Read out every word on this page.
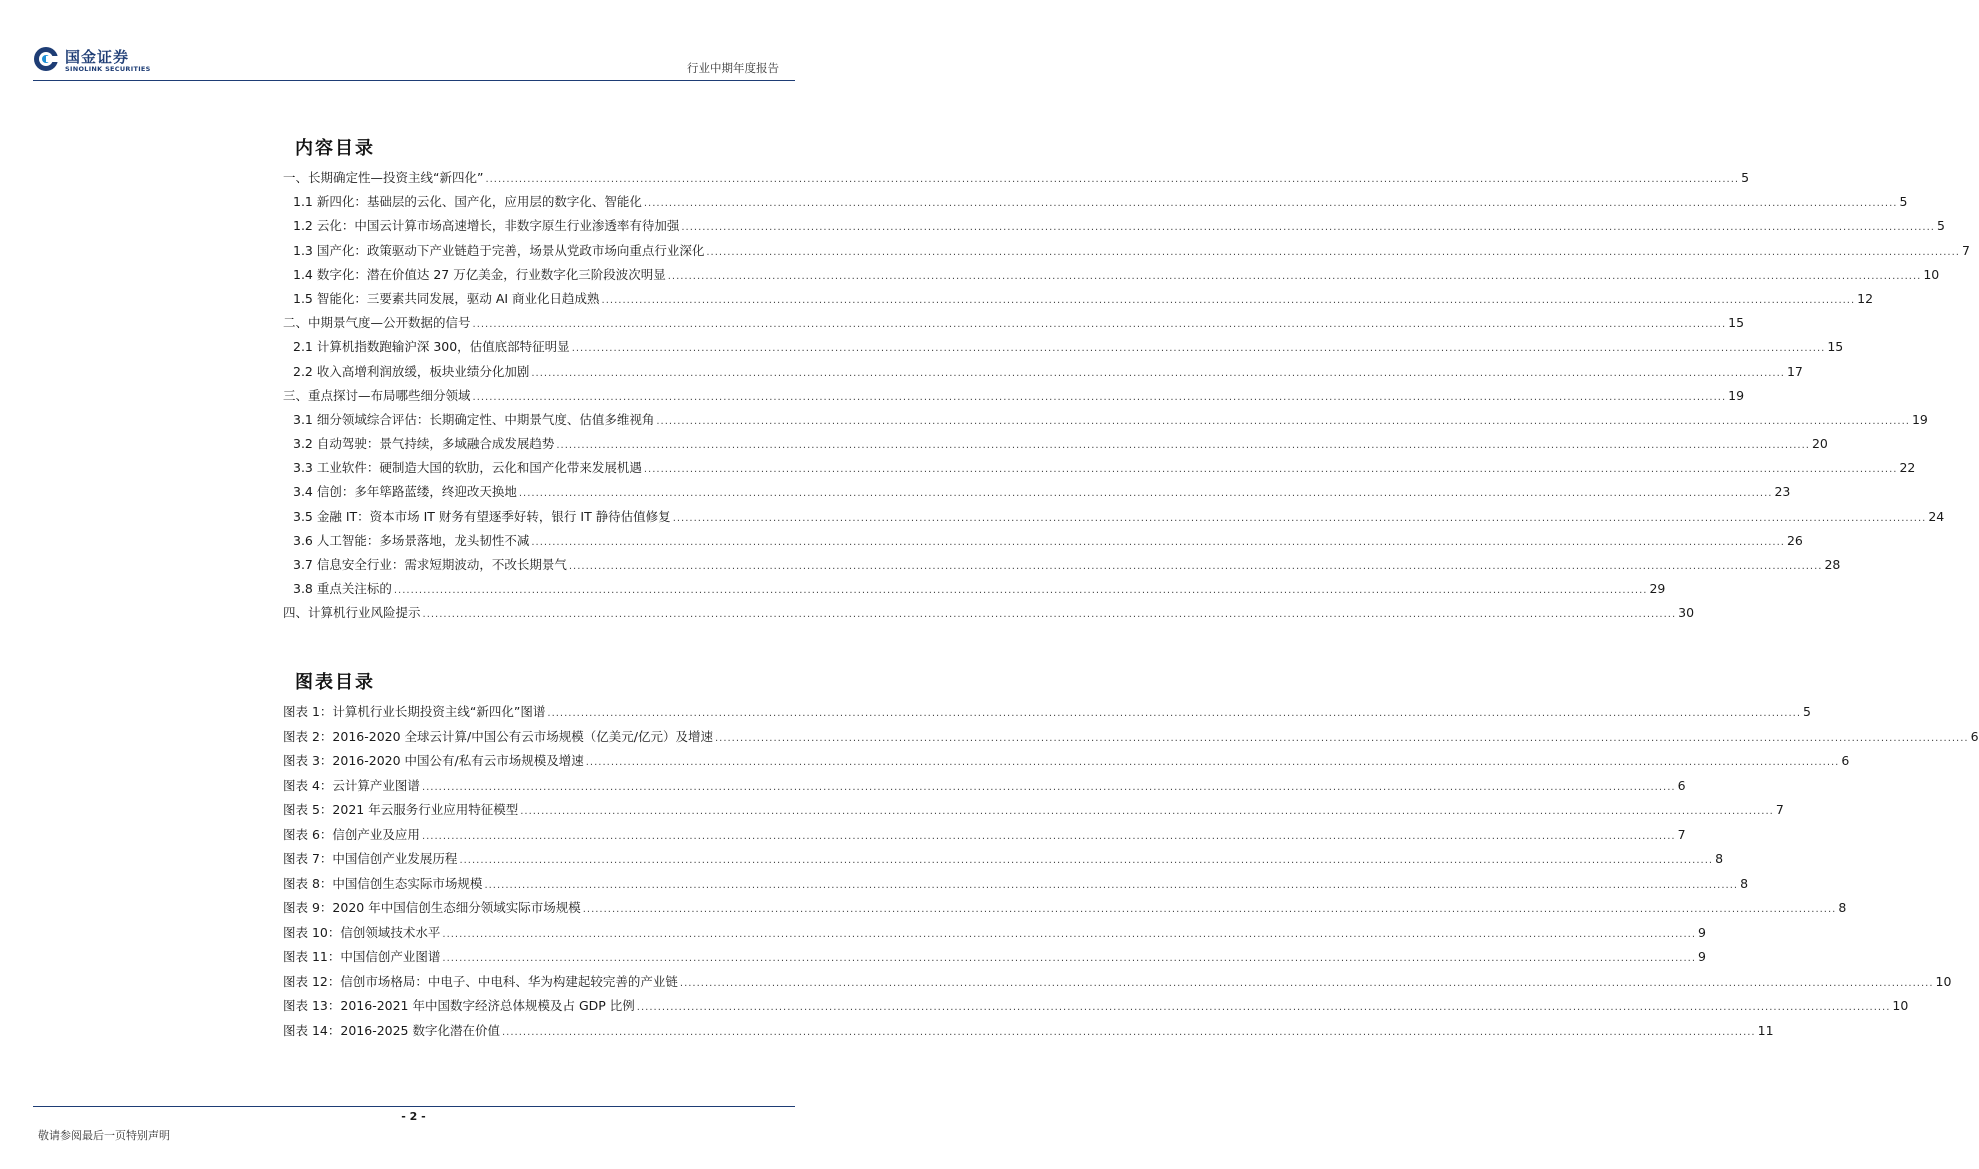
国金证券
SINOLINK SECURITIES	行业中期年度报告
内容目录
一、长期确定性—投资主线“新四化” ............................................................................................................................................................................................................................................................................................................ 5
1.1 新四化：基础层的云化、国产化，应用层的数字化、智能化 ............................................................................................................................................................................................................................................................................................................ 5
1.2 云化：中国云计算市场高速增长，非数字原生行业渗透率有待加强 ............................................................................................................................................................................................................................................................................................................ 5
1.3 国产化：政策驱动下产业链趋于完善，场景从党政市场向重点行业深化 ............................................................................................................................................................................................................................................................................................................ 7
1.4 数字化：潜在价值达 27 万亿美金，行业数字化三阶段波次明显 ............................................................................................................................................................................................................................................................................................................ 10
1.5 智能化：三要素共同发展，驱动 AI 商业化日趋成熟 ............................................................................................................................................................................................................................................................................................................ 12
二、中期景气度—公开数据的信号 ............................................................................................................................................................................................................................................................................................................ 15
2.1 计算机指数跑输沪深 300，估值底部特征明显 ............................................................................................................................................................................................................................................................................................................ 15
2.2 收入高增利润放缓，板块业绩分化加剧 ............................................................................................................................................................................................................................................................................................................ 17
三、重点探讨—布局哪些细分领域 ............................................................................................................................................................................................................................................................................................................ 19
3.1 细分领域综合评估：长期确定性、中期景气度、估值多维视角 ............................................................................................................................................................................................................................................................................................................ 19
3.2 自动驾驶：景气持续，多域融合成发展趋势 ............................................................................................................................................................................................................................................................................................................ 20
3.3 工业软件：硬制造大国的软肋，云化和国产化带来发展机遇 ............................................................................................................................................................................................................................................................................................................ 22
3.4 信创：多年筚路蓝缕，终迎改天换地 ............................................................................................................................................................................................................................................................................................................ 23
3.5 金融 IT：资本市场 IT 财务有望逐季好转，银行 IT 静待估值修复 ............................................................................................................................................................................................................................................................................................................ 24
3.6 人工智能：多场景落地，龙头韧性不减 ............................................................................................................................................................................................................................................................................................................ 26
3.7 信息安全行业：需求短期波动，不改长期景气 ............................................................................................................................................................................................................................................................................................................ 28
3.8 重点关注标的 ............................................................................................................................................................................................................................................................................................................ 29
四、计算机行业风险提示 ............................................................................................................................................................................................................................................................................................................ 30
图表目录
图表 1：计算机行业长期投资主线“新四化”图谱 ............................................................................................................................................................................................................................................................................................................ 5
图表 2：2016-2020 全球云计算/中国公有云市场规模（亿美元/亿元）及增速 ............................................................................................................................................................................................................................................................................................................ 6
图表 3：2016-2020 中国公有/私有云市场规模及增速 ............................................................................................................................................................................................................................................................................................................ 6
图表 4：云计算产业图谱 ............................................................................................................................................................................................................................................................................................................ 6
图表 5：2021 年云服务行业应用特征模型 ............................................................................................................................................................................................................................................................................................................ 7
图表 6：信创产业及应用 ............................................................................................................................................................................................................................................................................................................ 7
图表 7：中国信创产业发展历程 ............................................................................................................................................................................................................................................................................................................ 8
图表 8：中国信创生态实际市场规模 ............................................................................................................................................................................................................................................................................................................ 8
图表 9：2020 年中国信创生态细分领域实际市场规模 ............................................................................................................................................................................................................................................................................................................ 8
图表 10：信创领域技术水平 ............................................................................................................................................................................................................................................................................................................ 9
图表 11：中国信创产业图谱 ............................................................................................................................................................................................................................................................................................................ 9
图表 12：信创市场格局：中电子、中电科、华为构建起较完善的产业链 ............................................................................................................................................................................................................................................................................................................ 10
图表 13：2016-2021 年中国数字经济总体规模及占 GDP 比例 ............................................................................................................................................................................................................................................................................................................ 10
图表 14：2016-2025 数字化潜在价值 ............................................................................................................................................................................................................................................................................................................ 11
- 2 -
敬请参阅最后一页特别声明
